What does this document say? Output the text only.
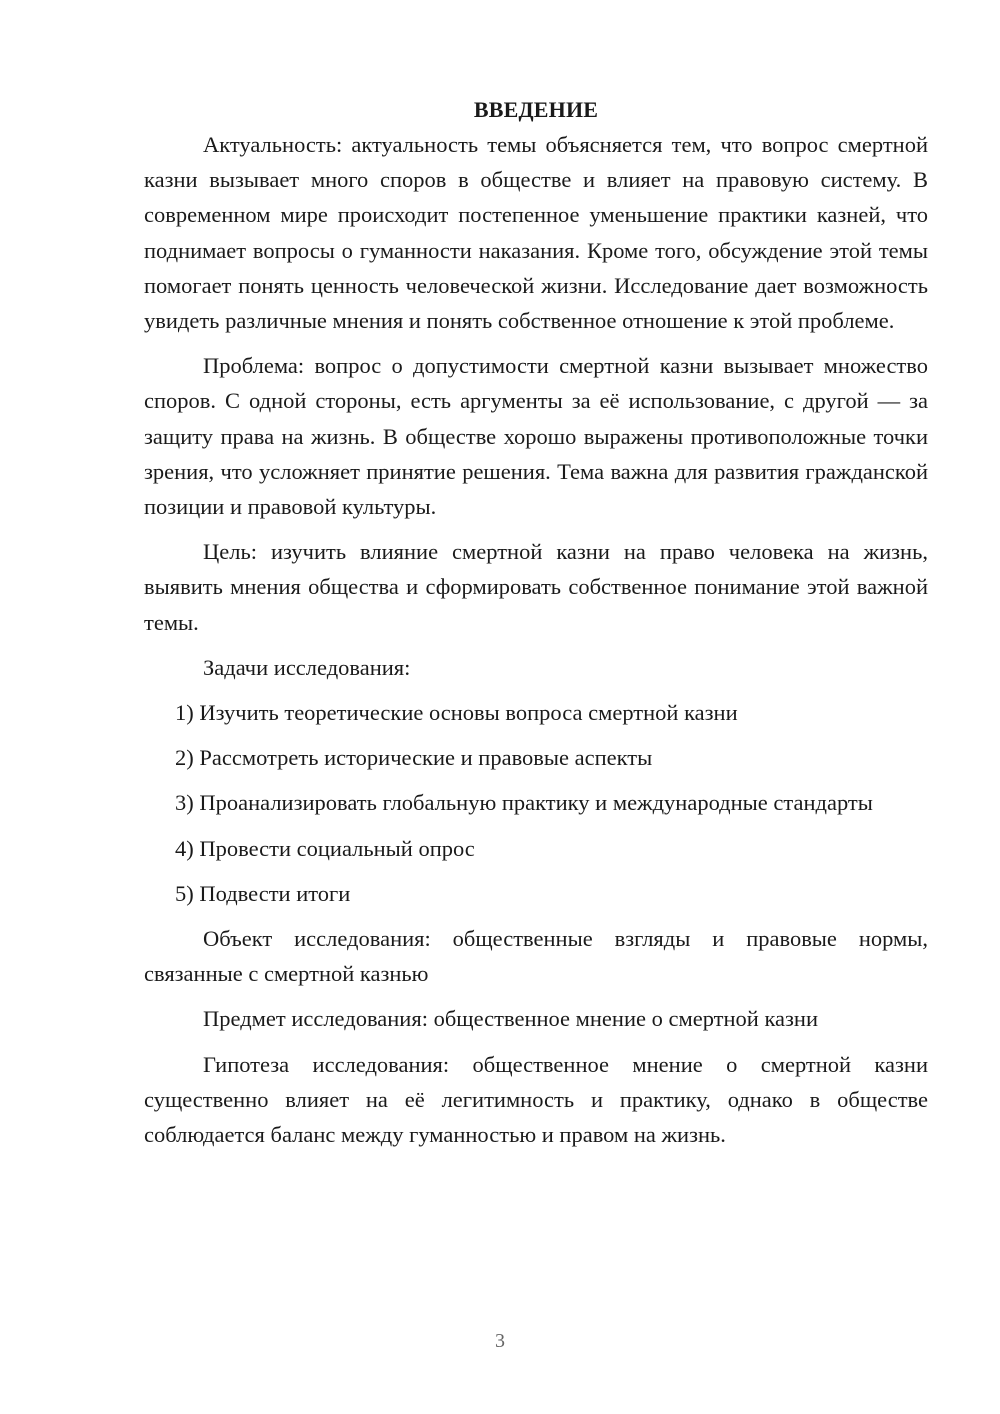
ВВЕДЕНИЕ

Актуальность: актуальность темы объясняется тем, что вопрос смертной казни вызывает много споров в обществе и влияет на правовую систему. В современном мире происходит постепенное уменьшение практики казней, что поднимает вопросы о гуманности наказания. Кроме того, обсуждение этой темы помогает понять ценность человеческой жизни. Исследование дает возможность увидеть различные мнения и понять собственное отношение к этой проблеме.

Проблема: вопрос о допустимости смертной казни вызывает множество споров. С одной стороны, есть аргументы за её использование, с другой — за защиту права на жизнь. В обществе хорошо выражены противоположные точки зрения, что усложняет принятие решения. Тема важна для развития гражданской позиции и правовой культуры.

Цель: изучить влияние смертной казни на право человека на жизнь, выявить мнения общества и сформировать собственное понимание этой важной темы.

Задачи исследования:

1) Изучить теоретические основы вопроса смертной казни

2) Рассмотреть исторические и правовые аспекты

3) Проанализировать глобальную практику и международные стандарты

4) Провести социальный опрос

5) Подвести итоги

Объект исследования: общественные взгляды и правовые нормы, связанные с смертной казнью

Предмет исследования: общественное мнение о смертной казни

Гипотеза исследования: общественное мнение о смертной казни существенно влияет на её легитимность и практику, однако в обществе соблюдается баланс между гуманностью и правом на жизнь.

3
